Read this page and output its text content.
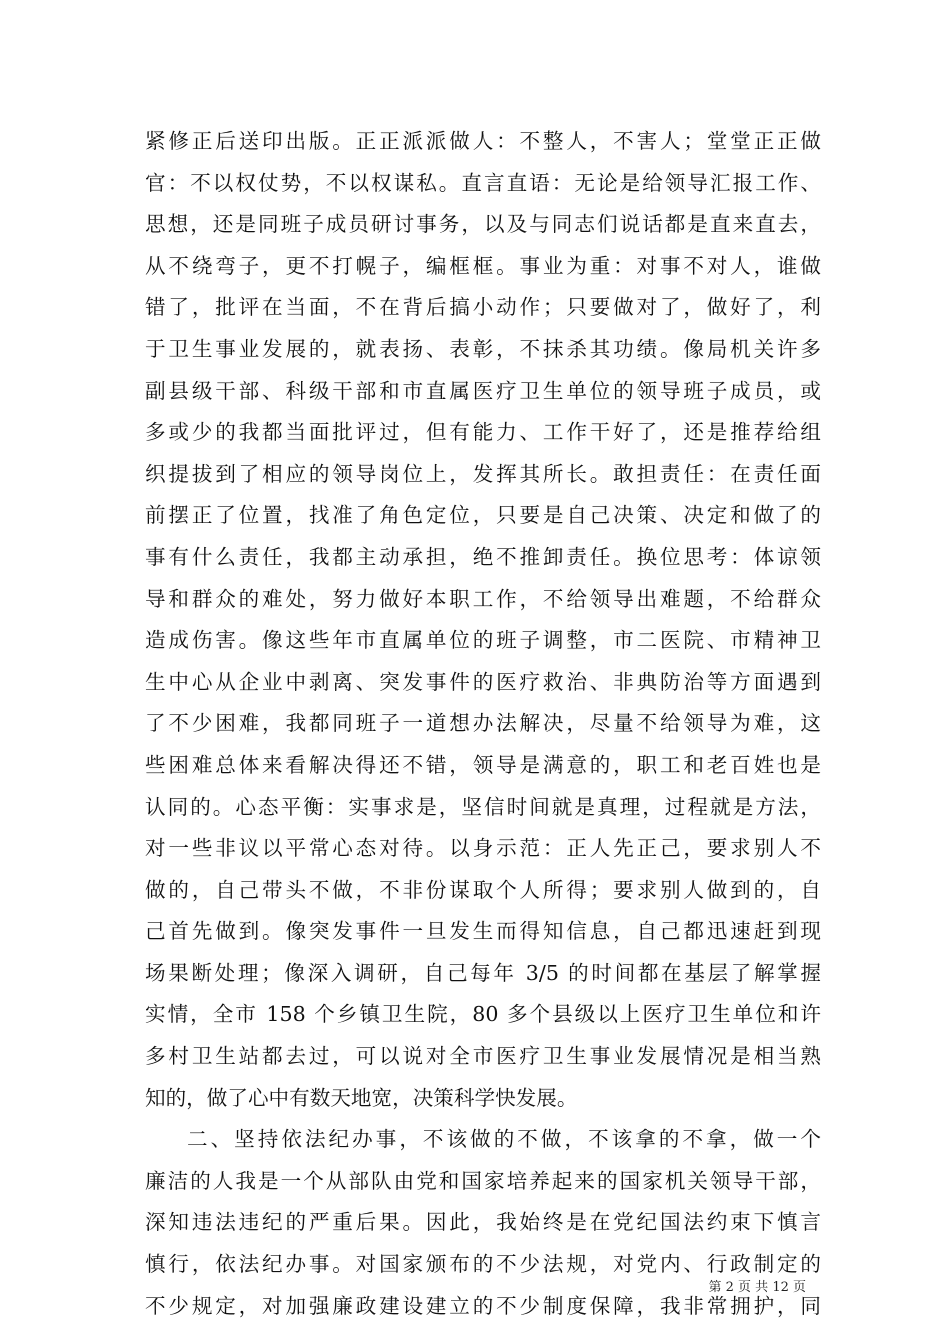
紧修正后送印出版。正正派派做人：不整人，不害人；堂堂正正做
官：不以权仗势，不以权谋私。直言直语：无论是给领导汇报工作、
思想，还是同班子成员研讨事务，以及与同志们说话都是直来直去，
从不绕弯子，更不打幌子，编框框。事业为重：对事不对人，谁做
错了，批评在当面，不在背后搞小动作；只要做对了，做好了，利
于卫生事业发展的，就表扬、表彰，不抹杀其功绩。像局机关许多
副县级干部、科级干部和市直属医疗卫生单位的领导班子成员，或
多或少的我都当面批评过，但有能力、工作干好了，还是推荐给组
织提拔到了相应的领导岗位上，发挥其所长。敢担责任：在责任面
前摆正了位置，找准了角色定位，只要是自己决策、决定和做了的
事有什么责任，我都主动承担，绝不推卸责任。换位思考：体谅领
导和群众的难处，努力做好本职工作，不给领导出难题，不给群众
造成伤害。像这些年市直属单位的班子调整，市二医院、市精神卫
生中心从企业中剥离、突发事件的医疗救治、非典防治等方面遇到
了不少困难，我都同班子一道想办法解决，尽量不给领导为难，这
些困难总体来看解决得还不错，领导是满意的，职工和老百姓也是
认同的。心态平衡：实事求是，坚信时间就是真理，过程就是方法，
对一些非议以平常心态对待。以身示范：正人先正己，要求别人不
做的，自己带头不做，不非份谋取个人所得；要求别人做到的，自
己首先做到。像突发事件一旦发生而得知信息，自己都迅速赶到现
场果断处理；像深入调研，自己每年 3/5 的时间都在基层了解掌握
实情，全市 158 个乡镇卫生院，80 多个县级以上医疗卫生单位和许
多村卫生站都去过，可以说对全市医疗卫生事业发展情况是相当熟
知的，做了心中有数天地宽，决策科学快发展。
二、坚持依法纪办事，不该做的不做，不该拿的不拿，做一个
廉洁的人我是一个从部队由党和国家培养起来的国家机关领导干部，
深知违法违纪的严重后果。因此，我始终是在党纪国法约束下慎言
慎行，依法纪办事。对国家颁布的不少法规，对党内、行政制定的
不少规定，对加强廉政建设建立的不少制度保障，我非常拥护，同
第 2 页 共 12 页
